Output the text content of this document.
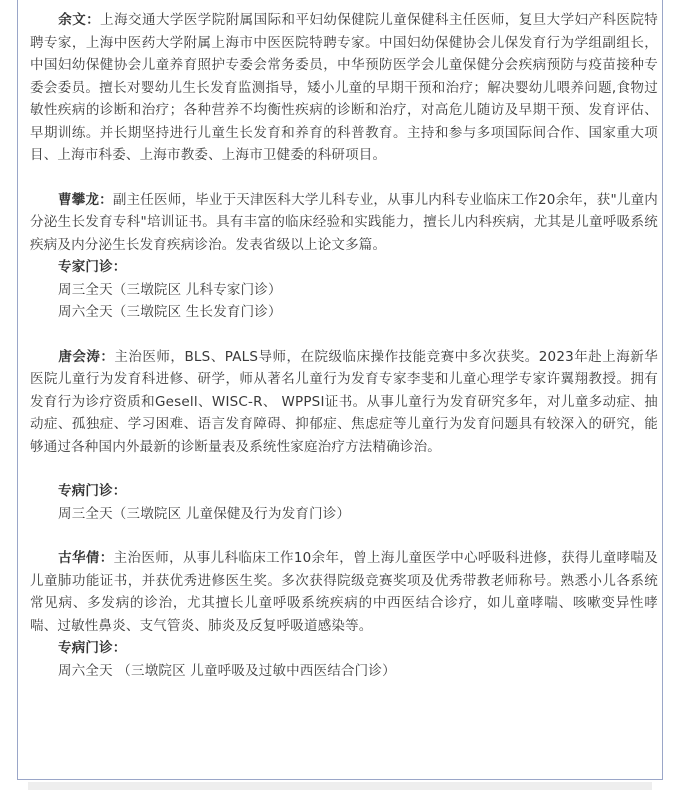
余文：上海交通大学医学院附属国际和平妇幼保健院儿童保健科主任医师，复旦大学妇产科医院特聘专家，上海中医药大学附属上海市中医医院特聘专家。中国妇幼保健协会儿保发育行为学组副组长，中国妇幼保健协会儿童养育照护专委会常务委员，中华预防医学会儿童保健分会疾病预防与疫苗接种专委会委员。擅长对婴幼儿生长发育监测指导，矮小儿童的早期干预和治疗；解决婴幼儿喂养问题,食物过敏性疾病的诊断和治疗；各种营养不均衡性疾病的诊断和治疗，对高危儿随访及早期干预、发育评估、早期训练。并长期坚持进行儿童生长发育和养育的科普教育。主持和参与多项国际间合作、国家重大项目、上海市科委、上海市教委、上海市卫健委的科研项目。

曹攀龙：副主任医师，毕业于天津医科大学儿科专业，从事儿内科专业临床工作20余年，获"儿童内分泌生长发育专科"培训证书。具有丰富的临床经验和实践能力，擅长儿内科疾病，尤其是儿童呼吸系统疾病及内分泌生长发育疾病诊治。发表省级以上论文多篇。

专家门诊：
周三全天（三墩院区 儿科专家门诊）
周六全天（三墩院区 生长发育门诊）

唐会涛：主治医师，BLS、PALS导师，在院级临床操作技能竞赛中多次获奖。2023年赴上海新华医院儿童行为发育科进修、研学，师从著名儿童行为发育专家李斐和儿童心理学专家许翼翔教授。拥有发育行为诊疗资质和Gesell、WISC-R、 WPPSI证书。从事儿童行为发育研究多年，对儿童多动症、抽动症、孤独症、学习困难、语言发育障碍、抑郁症、焦虑症等儿童行为发育问题具有较深入的研究，能够通过各种国内外最新的诊断量表及系统性家庭治疗方法精确诊治。

专病门诊：
周三全天（三墩院区 儿童保健及行为发育门诊）

古华倩：主治医师，从事儿科临床工作10余年，曾上海儿童医学中心呼吸科进修，获得儿童哮喘及儿童肺功能证书，并获优秀进修医生奖。多次获得院级竞赛奖项及优秀带教老师称号。熟悉小儿各系统常见病、多发病的诊治，尤其擅长儿童呼吸系统疾病的中西医结合诊疗，如儿童哮喘、咳嗽变异性哮喘、过敏性鼻炎、支气管炎、肺炎及反复呼吸道感染等。

专病门诊：
周六全天 （三墩院区 儿童呼吸及过敏中西医结合门诊）
